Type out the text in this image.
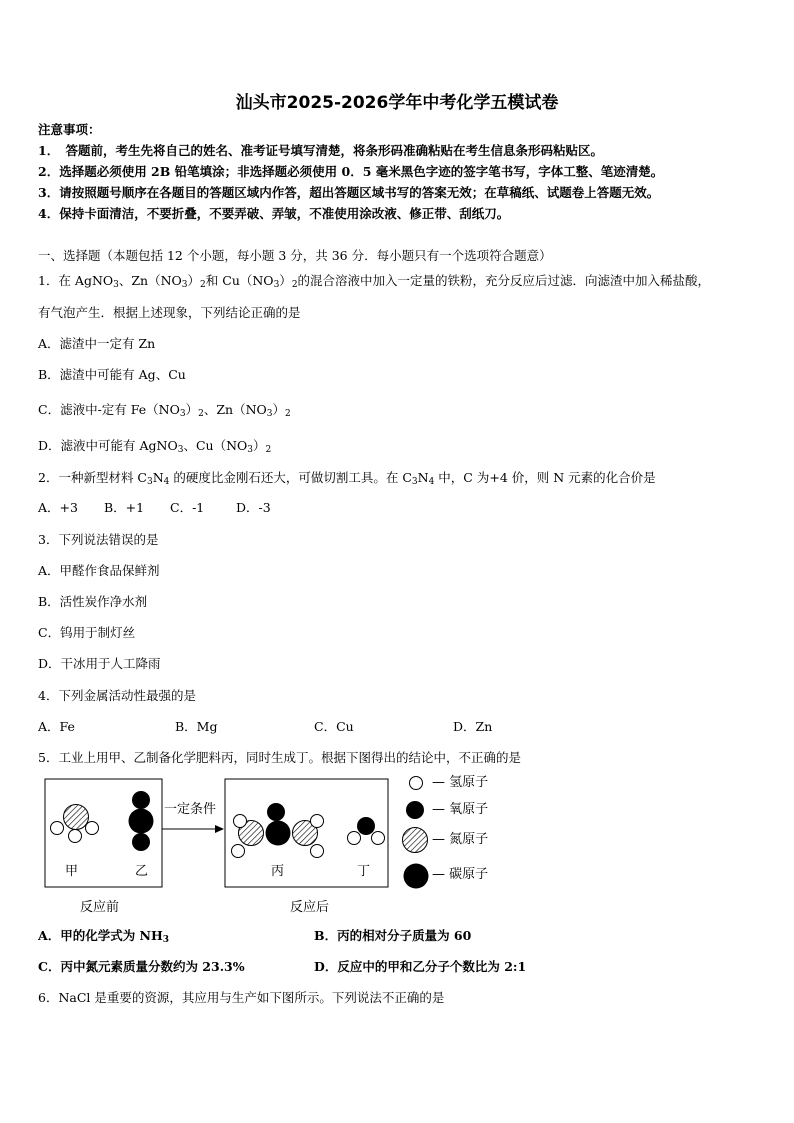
汕头市2025-2026学年中考化学五模试卷
注意事项：
1．　答题前，考生先将自己的姓名、准考证号填写清楚，将条形码准确粘贴在考生信息条形码粘贴区。
2．选择题必须使用 2B 铅笔填涂；非选择题必须使用 0．5 毫米黑色字迹的签字笔书写，字体工整、笔迹清楚。
3．请按照题号顺序在各题目的答题区域内作答，超出答题区域书写的答案无效；在草稿纸、试题卷上答题无效。
4．保持卡面清洁，不要折叠，不要弄破、弄皱，不准使用涂改液、修正带、刮纸刀。
一、选择题（本题包括 12 个小题，每小题 3 分，共 36 分．每小题只有一个选项符合题意）
1．在 AgNO$_3$、$Zn(NO_3)_2$和 $Cu(NO_3)_2$的混合溶液中加入一定量的铁粉，充分反应后过滤．向滤渣中加入稀盐酸，
有气泡产生．根据上述现象，下列结论正确的是
A．滤渣中一定有 Zn
B．滤渣中可能有 Ag、Cu
C．滤液中-定有 $Fe(NO_3)_2$、$Zn(NO_3)_2$
D．滤液中可能有 AgNO$_3$、$Cu(NO_3)_2$
2．一种新型材料 $C_3N_4$ 的硬度比金刚石还大，可做切割工具。在 $C_3N_4$ 中，C 为+4 价，则 N 元素的化合价是
A．+3 B．+1 C．-1	D．-3
3．下列说法错误的是
A．甲醛作食品保鲜剂
B．活性炭作净水剂
C．钨用于制灯丝
D．干冰用于人工降雨
4．下列金属活动性最强的是
A．Fe	B．Mg	C．Cu	D．Zn
5．工业上用甲、乙制备化学肥料丙，同时生成丁。根据下图得出的结论中，不正确的是
一定条件
甲	乙	丙	丁
反应前	反应后
— 氢原子
— 氧原子
— 氮原子
— 碳原子
A．甲的化学式为 $NH_3$	B．丙的相对分子质量为 60
C．丙中氮元素质量分数约为 23.3%	D．反应中的甲和乙分子个数比为 2:1
6．NaCl 是重要的资源，其应用与生产如下图所示。下列说法不正确的是
